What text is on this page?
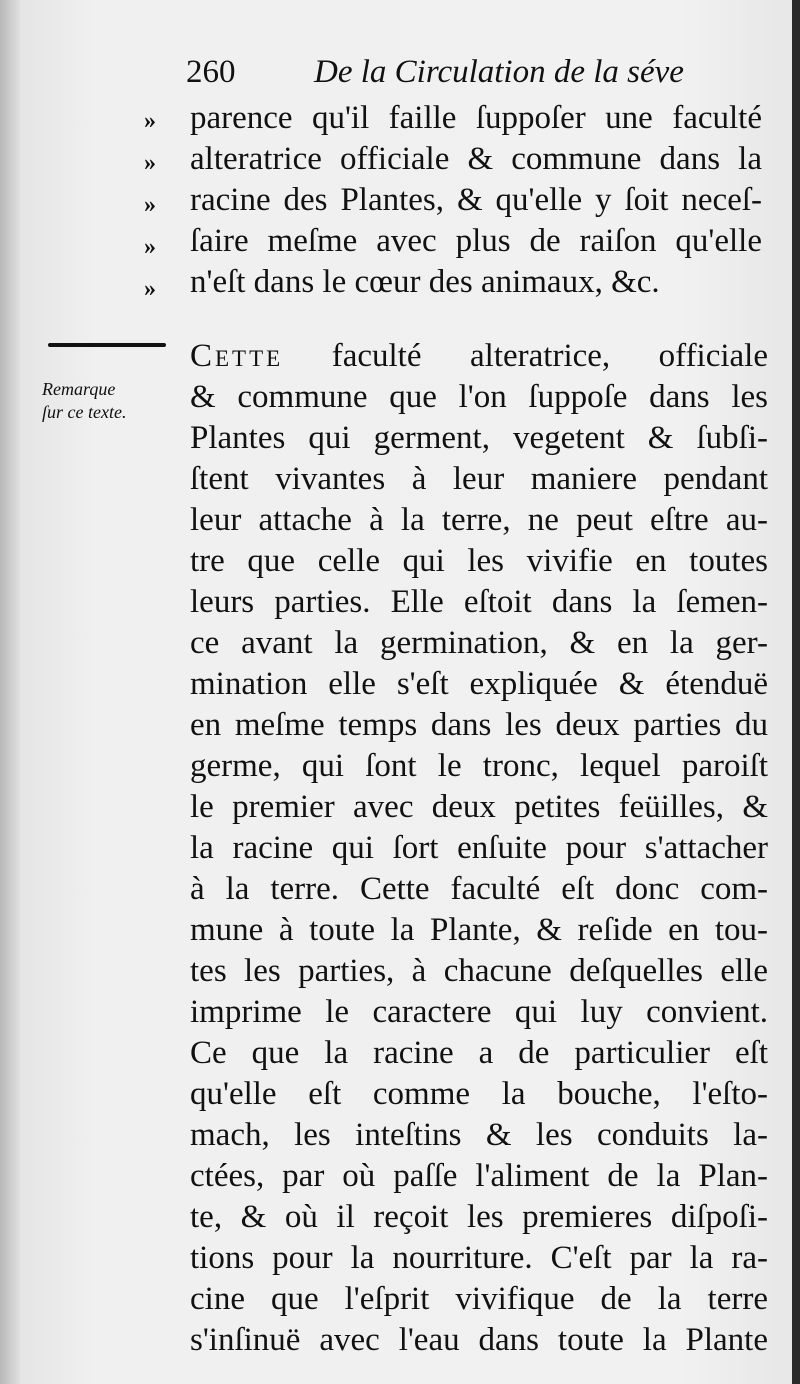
260 De la Circulation de la séve
»
»
»
»
»
parence qu'il faille ſuppoſer une faculté
alteratrice officiale & commune dans la
racine des Plantes, & qu'elle y ſoit neceſ-
ſaire meſme avec plus de raiſon qu'elle
n'eſt dans le cœur des animaux, &c.
Remarque
ſur ce texte.
Cette faculté alteratrice, officiale
& commune que l'on ſuppoſe dans les
Plantes qui germent, vegetent & ſubſi-
ſtent vivantes à leur maniere pendant
leur attache à la terre, ne peut eſtre au-
tre que celle qui les vivifie en toutes
leurs parties. Elle eſtoit dans la ſemen-
ce avant la germination, & en la ger-
mination elle s'eſt expliquée & étenduë
en meſme temps dans les deux parties du
germe, qui ſont le tronc, lequel paroiſt
le premier avec deux petites feüilles, &
la racine qui ſort enſuite pour s'attacher
à la terre. Cette faculté eſt donc com-
mune à toute la Plante, & reſide en tou-
tes les parties, à chacune deſquelles elle
imprime le caractere qui luy convient.
Ce que la racine a de particulier eſt
qu'elle eſt comme la bouche, l'eſto-
mach, les inteſtins & les conduits la-
ctées, par où paſſe l'aliment de la Plan-
te, & où il reçoit les premieres diſpoſi-
tions pour la nourriture. C'eſt par la ra-
cine que l'eſprit vivifique de la terre
s'inſinuë avec l'eau dans toute la Plante
